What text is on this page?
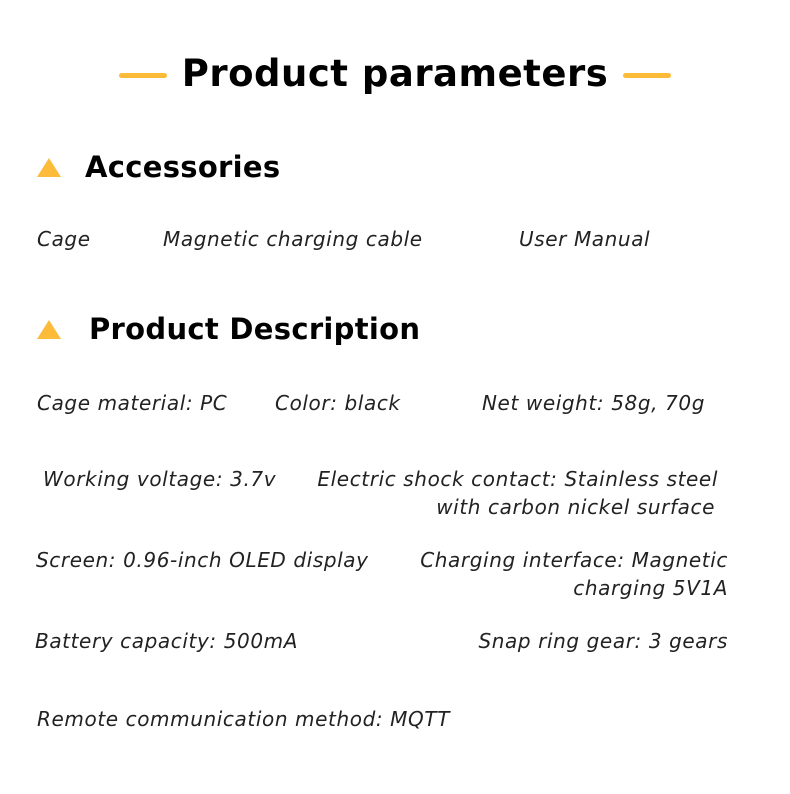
Product parameters
Accessories
Cage	Magnetic charging cable	User Manual
Product Description
Cage material: PC Color: black	Net weight: 58g, 70g
Working voltage: 3.7v Electric shock contact: Stainless steel
with carbon nickel surface
Screen: 0.96-inch OLED display	Charging interface: Magnetic
charging 5V1A
Battery capacity: 500mA	Snap ring gear: 3 gears
Remote communication method: MQTT
